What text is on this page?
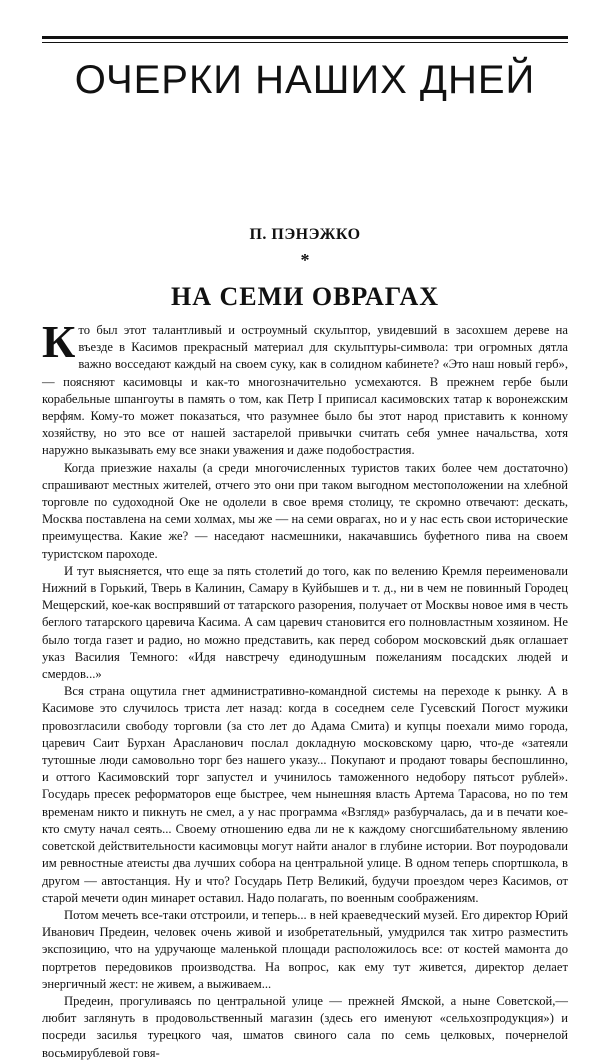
ОЧЕРКИ НАШИХ ДНЕЙ
П. ПЭНЭЖКО
*
НА СЕМИ ОВРАГАХ

Кто был этот талантливый и остроумный скульптор, увидевший в засохшем дереве на въезде в Касимов прекрасный материал для скульптуры-символа: три огромных дятла важно восседают каждый на своем суку, как в солидном кабинете? «Это наш новый герб»,— поясняют касимовцы и как-то многозначительно усмехаются. В прежнем гербе были корабельные шпангоуты в память о том, как Петр I приписал касимовских татар к воронежским верфям. Кому-то может показаться, что разумнее было бы этот народ приставить к конному хозяйству, но это все от нашей застарелой привычки считать себя умнее начальства, хотя наружно выказывать ему все знаки уважения и даже подобострастия.

Когда приезжие нахалы (а среди многочисленных туристов таких более чем достаточно) спрашивают местных жителей, отчего это они при таком выгодном местоположении на хлебной торговле по судоходной Оке не одолели в свое время столицу, те скромно отвечают: дескать, Москва поставлена на семи холмах, мы же — на семи оврагах, но и у нас есть свои исторические преимущества. Какие же? — наседают насмешники, накачавшись буфетного пива на своем туристском пароходе.

И тут выясняется, что еще за пять столетий до того, как по велению Кремля переименовали Нижний в Горький, Тверь в Калинин, Самару в Куйбышев и т. д., ни в чем не повинный Городец Мещерский, кое-как воспрявший от татарского разорения, получает от Москвы новое имя в честь беглого татарского царевича Касима. А сам царевич становится его полновластным хозяином. Не было тогда газет и радио, но можно представить, как перед собором московский дьяк оглашает указ Василия Темного: «Идя навстречу единодушным пожеланиям посадских людей и смердов...»

Вся страна ощутила гнет административно-командной системы на переходе к рынку. А в Касимове это случилось триста лет назад: когда в соседнем селе Гусевский Погост мужики провозгласили свободу торговли (за сто лет до Адама Смита) и купцы поехали мимо города, царевич Саит Бурхан Араcланович послал докладную московскому царю, что-де «затеяли тутошные люди самовольно торг без нашего указу... Покупают и продают товары беспошлинно, и оттого Касимовский торг запустел и учинилось таможенного недобору пятьсот рублей». Государь пресек реформаторов еще быстрее, чем нынешняя власть Артема Тарасова, но по тем временам никто и пикнуть не смел, а у нас программа «Взгляд» разбурчалась, да и в печати кое-кто смуту начал сеять... Своему отношению едва ли не к каждому сногсшибательному явлению советской действительности касимовцы могут найти аналог в глубине истории. Вот поуродовали им ревностные атеисты два лучших собора на центральной улице. В одном теперь спортшкола, в другом — автостанция. Ну и что? Государь Петр Великий, будучи проездом через Касимов, от старой мечети один минарет оставил. Надо полагать, по военным соображениям.

Потом мечеть все-таки отстроили, и теперь... в ней краеведческий музей. Его директор Юрий Иванович Предеин, человек очень живой и изобретательный, умудрился так хитро разместить экспозицию, что на удручающе маленькой площади расположилось все: от костей мамонта до портретов передовиков производства. На вопрос, как ему тут живется, директор делает энергичный жест: не живем, а выживаем...

Предеин, прогуливаясь по центральной улице — прежней Ямской, а ныне Советской,— любит заглянуть в продовольственный магазин (здесь его именуют «сельхозпродукция») и посреди засилья турецкого чая, шматов свиного сала по семь целковых, почернелой восьмирублевой говя-
